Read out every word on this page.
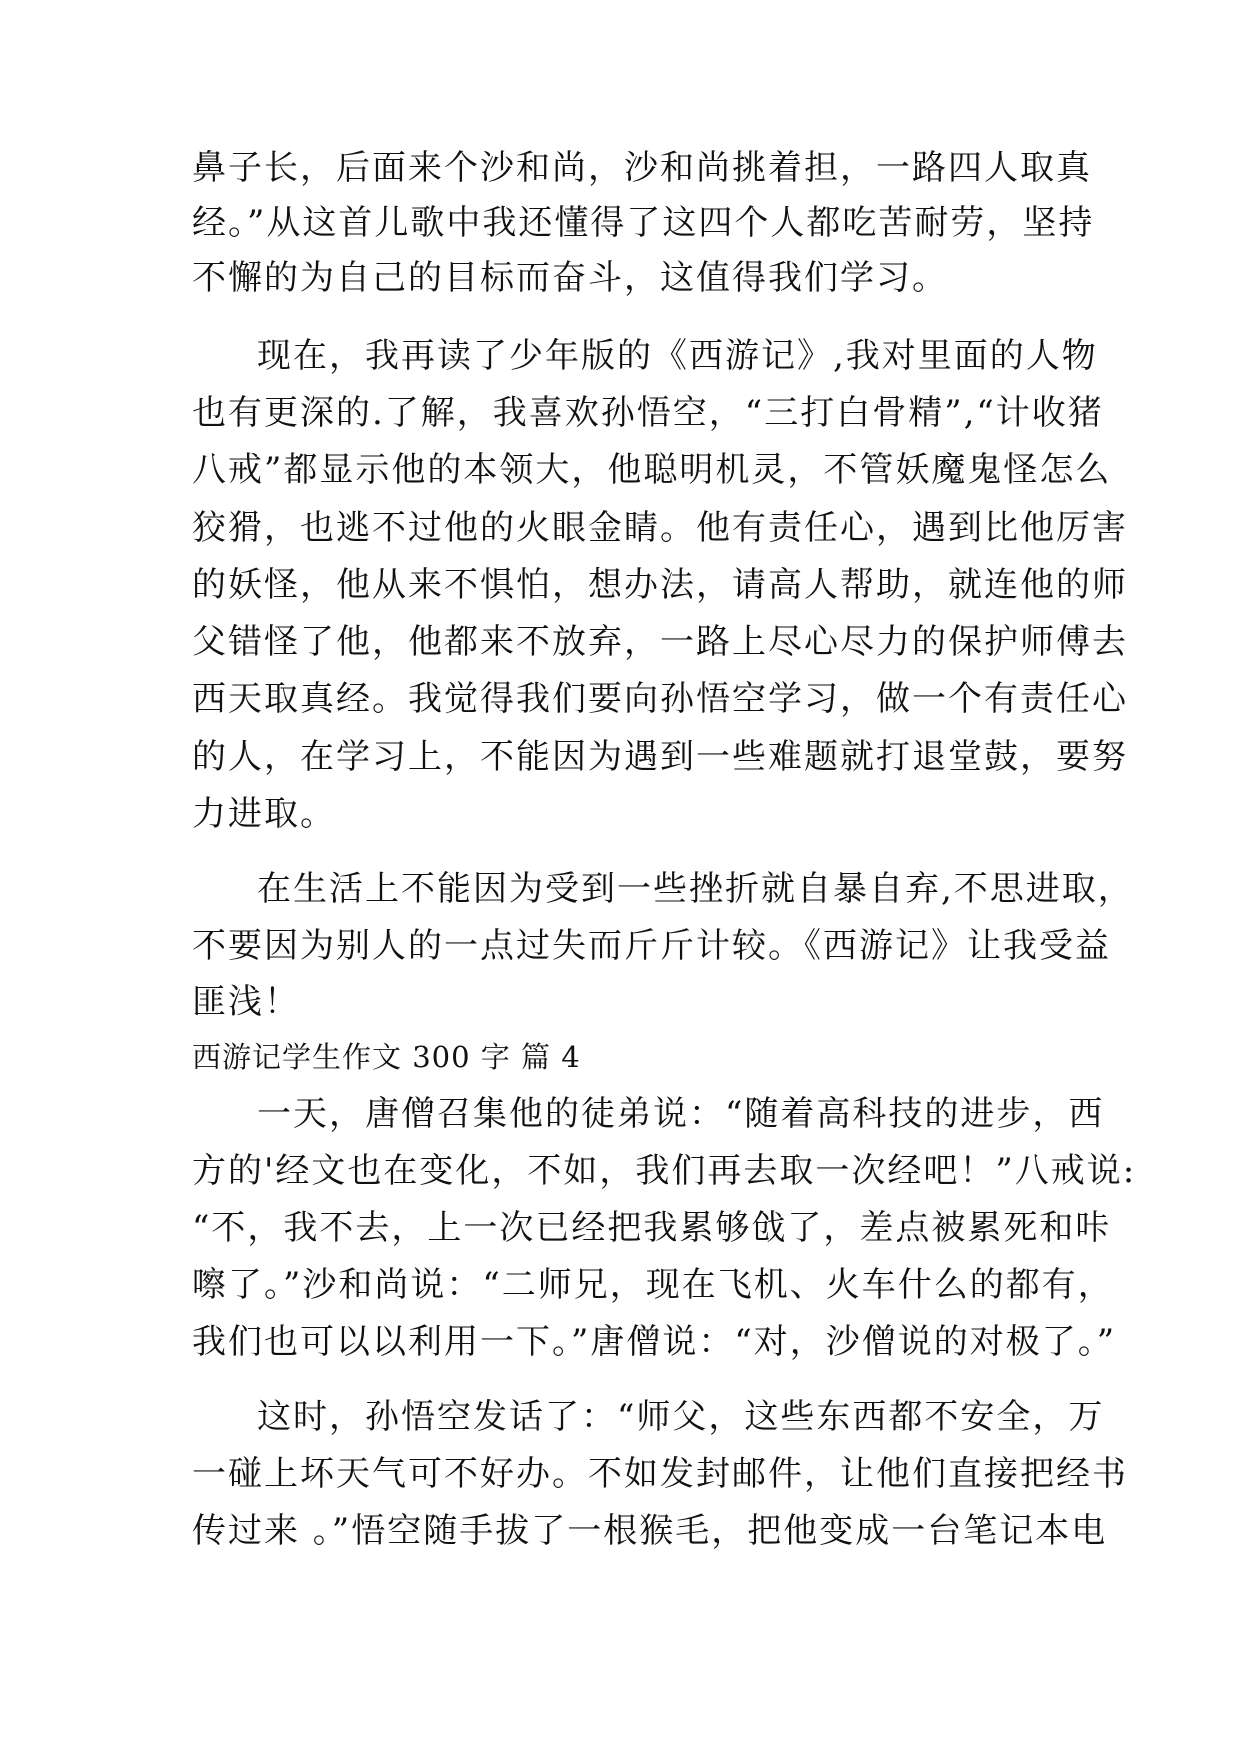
鼻子长，后面来个沙和尚，沙和尚挑着担，一路四人取真
经。”从这首儿歌中我还懂得了这四个人都吃苦耐劳，坚持
不懈的为自己的目标而奋斗，这值得我们学习。
现在，我再读了少年版的《西游记》,我对里面的人物
也有更深的.了解，我喜欢孙悟空，“三打白骨精”,“计收猪
八戒”都显示他的本领大，他聪明机灵，不管妖魔鬼怪怎么
狡猾，也逃不过他的火眼金睛。他有责任心，遇到比他厉害
的妖怪，他从来不惧怕，想办法，请高人帮助，就连他的师
父错怪了他，他都来不放弃，一路上尽心尽力的保护师傅去
西天取真经。我觉得我们要向孙悟空学习，做一个有责任心
的人，在学习上，不能因为遇到一些难题就打退堂鼓，要努
力进取。
在生活上不能因为受到一些挫折就自暴自弃,不思进取，
不要因为别人的一点过失而斤斤计较。《西游记》让我受益
匪浅！
西游记学生作文 300 字 篇 4
一天，唐僧召集他的徒弟说：“随着高科技的进步，西
方的'经文也在变化，不如，我们再去取一次经吧！”八戒说:
“不，我不去，上一次已经把我累够戗了，差点被累死和咔
嚓了。”沙和尚说：“二师兄，现在飞机、火车什么的都有，
我们也可以以利用一下。”唐僧说：“对，沙僧说的对极了。”
这时，孙悟空发话了：“师父，这些东西都不安全，万
一碰上坏天气可不好办。不如发封邮件，让他们直接把经书
传过来 。”悟空随手拔了一根猴毛，把他变成一台笔记本电
